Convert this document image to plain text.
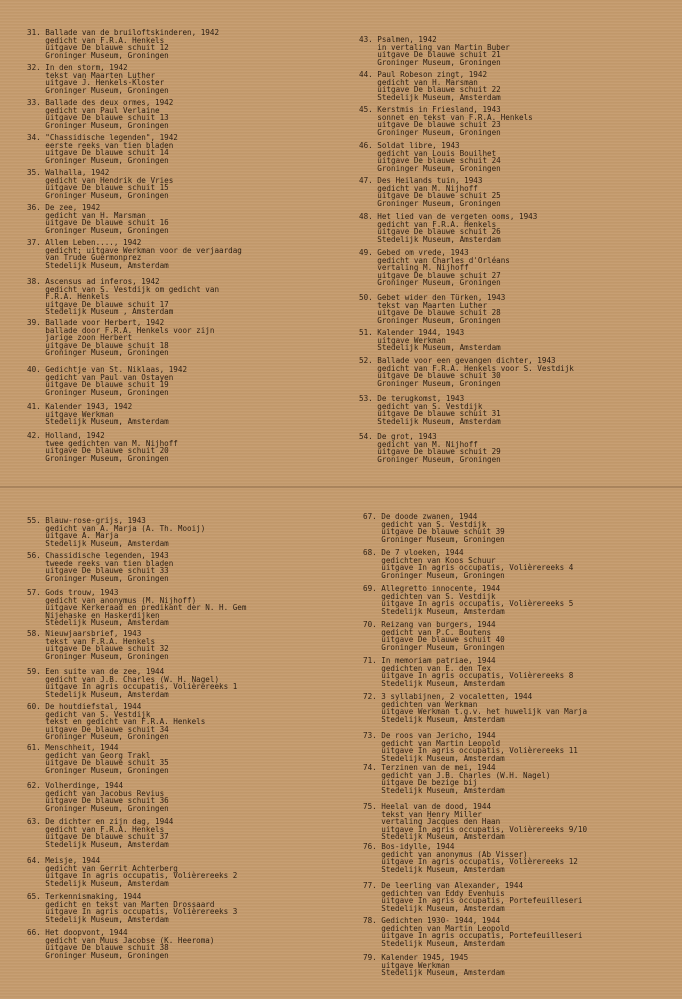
31. Ballade van de bruiloftskinderen, 1942
gedicht van F.R.A. Henkels
uitgave De blauwe schuit 12
Groninger Museum, Groningen
32. In den storm, 1942
tekst van Maarten Luther
uitgave J. Henkels-Kloster
Groninger Museum, Groningen
33. Ballade des deux ormes, 1942
gedicht van Paul Verlaine
uitgave De blauwe schuit 13
Groninger Museum, Groningen
34. "Chassidische legenden", 1942
eerste reeks van tien bladen
uitgave De blauwe schuit 14
Groninger Museum, Groningen
35. Walhalla, 1942
gedicht van Hendrik de Vries
uitgave De blauwe schuit 15
Groninger Museum, Groningen
36. De zee, 1942
gedicht van H. Marsman
uitgave De blauwe schuit 16
Groninger Museum, Groningen
37. Allem Leben...., 1942
gedicht; uitgave Werkman voor de verjaardag
van Trude Guermonprez
Stedelijk Museum, Amsterdam
38. Ascensus ad inferos, 1942
gedicht van S. Vestdijk om gedicht van
F.R.A. Henkels
uitgave De blauwe schuit 17
Stedelijk Museum , Amsterdam
39. Ballade voor Herbert, 1942
ballade door F.R.A. Henkels voor zijn
jarige zoon Herbert
uitgave De blauwe schuit 18
Groninger Museum, Groningen
40. Gedichtje van St. Niklaas, 1942
gedicht van Paul van Ostayen
uitgave De blauwe schuit 19
Groninger Museum, Groningen
41. Kalender 1943, 1942
uitgave Werkman
Stedelijk Museum, Amsterdam
42. Holland, 1942
twee gedichten van M. Nijhoff
uitgave De blauwe schuit 20
Groninger Museum, Groningen
43. Psalmen, 1942
in vertaling van Martin Buber
uitgave De blauwe schuit 21
Groninger Museum, Groningen
44. Paul Robeson zingt, 1942
gedicht van H. Marsman
uitgave De blauwe schuit 22
Stedelijk Museum, Amsterdam
45. Kerstmis in Friesland, 1943
sonnet en tekst van F.R.A. Henkels
uitgave De blauwe schuit 23
Groninger Museum, Groningen
46. Soldat libre, 1943
gedicht van Louis Bouilhet
uitgave De blauwe schuit 24
Groninger Museum, Groningen
47. Des Heilands tuin, 1943
gedicht van M. Nijhoff
uitgave De blauwe schuit 25
Groninger Museum, Groningen
48. Het lied van de vergeten ooms, 1943
gedicht van F.R.A. Henkels
uitgave De blauwe schuit 26
Stedelijk Museum, Amsterdam
49. Gebed om vrede, 1943
gedicht van Charles d'Orléans
vertaling M. Nijhoff
uitgave De blauwe schuit 27
Groninger Museum, Groningen
50. Gebet wider den Türken, 1943
tekst van Maarten Luther
uitgave De blauwe schuit 28
Groninger Museum, Groningen
51. Kalender 1944, 1943
uitgave Werkman
Stedelijk Museum, Amsterdam
52. Ballade voor een gevangen dichter, 1943
gedicht van F.R.A. Henkels voor S. Vestdijk
uitgave De blauwe schuit 30
Groninger Museum, Groningen
53. De terugkomst, 1943
gedicht van S. Vestdijk
uitgave De blauwe schuit 31
Stedelijk Museum, Amsterdam
54. De grot, 1943
gedicht van M. Nijhoff
uitgave De blauwe schuit 29
Groninger Museum, Groningen
55. Blauw-rose-grijs, 1943
gedicht van A. Marja (A. Th. Mooij)
uitgave A. Marja
Stedelijk Museum, Amsterdam
56. Chassidische legenden, 1943
tweede reeks van tien bladen
uitgave De blauwe schuit 33
Groninger Museum, Groningen
57. Gods trouw, 1943
gedicht van anonymus (M. Nijhoff)
uitgave Kerkeraad en predikant der N. H. Gem
Nijehaske en Haskerdijken
Stedelijk Museum, Amsterdam
58. Nieuwjaarsbrief, 1943
tekst van F.R.A. Henkels
uitgave De blauwe schuit 32
Groninger Museum, Groningen
59. Een suite van de zee, 1944
gedicht van J.B. Charles (W. H. Nagel)
uitgave In agris occupatis, Volièrereeks 1
Stedelijk Museum, Amsterdam
60. De houtdiefstal, 1944
gedicht van S. Vestdijk
tekst en gedicht van F.R.A. Henkels
uitgave De blauwe schuit 34
Groninger Museum, Groningen
61. Menschheit, 1944
gedicht van Georg Trakl
uitgave De blauwe schuit 35
Groninger Museum, Groningen
62. Volherdinge, 1944
gedicht van Jacobus Revius
uitgave De blauwe schuit 36
Groninger Museum, Groningen
63. De dichter en zijn dag, 1944
gedicht van F.R.A. Henkels
uitgave De blauwe schuit 37
Stedelijk Museum, Amsterdam
64. Meisje, 1944
gedicht van Gerrit Achterberg
uitgave In agris occupatis, Volièrereeks 2
Stedelijk Museum, Amsterdam
65. Terkennismaking, 1944
gedicht en tekst van Marten Drossaard
uitgave In agris occupatis, Volièrereeks 3
Stedelijk Museum, Amsterdam
66. Het doopvont, 1944
gedicht van Muus Jacobse (K. Heeroma)
uitgave De blauwe schuit 38
Groninger Museum, Groningen
67. De doode zwanen, 1944
gedicht van S. Vestdijk
uitgave De blauwe schuit 39
Groninger Museum, Groningen
68. De 7 vloeken, 1944
gedichten van Koos Schuur
uitgave In agris occupatis, Volièrereeks 4
Groninger Museum, Groningen
69. Allegretto innocente, 1944
gedichten van S. Vestdijk
uitgave In agris occupatis, Volièrereeks 5
Stedelijk Museum, Amsterdam
70. Reizang van burgers, 1944
gedicht van P.C. Boutens
uitgave De blauwe schuit 40
Groninger Museum, Groningen
71. In memoriam patriae, 1944
gedichten van E. den Tex
uitgave In agris occupatis, Volièrereeks 8
Stedelijk Museum, Amsterdam
72. 3 syllabijnen, 2 vocaletten, 1944
gedichten van Werkman
uitgave Werkman t.g.v. het huwelijk van Marja
Stedelijk Museum, Amsterdam
73. De roos van Jericho, 1944
gedicht van Martin Leopold
uitgave In agris occupatis, Volièrereeks 11
Stedelijk Museum, Amsterdam
74. Terzinen van de mei, 1944
gedicht van J.B. Charles (W.H. Nagel)
uitgave De bezige bij
Stedelijk Museum, Amsterdam
75. Heelal van de dood, 1944
tekst van Henry Miller
vertaling Jacques den Haan
uitgave In agris occupatis, Volièrereeks 9/10
Stedelijk Museum, Amsterdam
76. Bos-idylle, 1944
gedicht van anonymus (Ab Visser)
uitgave In agris occupatis, Volièrereeks 12
Stedelijk Museum, Amsterdam
77. De leerling van Alexander, 1944
gedichten van Eddy Evenhuis
uitgave In agris occupatis, Portefeuilleseri
Stedelijk Museum, Amsterdam
78. Gedichten 1930- 1944, 1944
gedichten van Martin Leopold
uitgave In agris occupatis, Portefeuilleseri
Stedelijk Museum, Amsterdam
79. Kalender 1945, 1945
uitgave Werkman
Stedelijk Museum, Amsterdam
